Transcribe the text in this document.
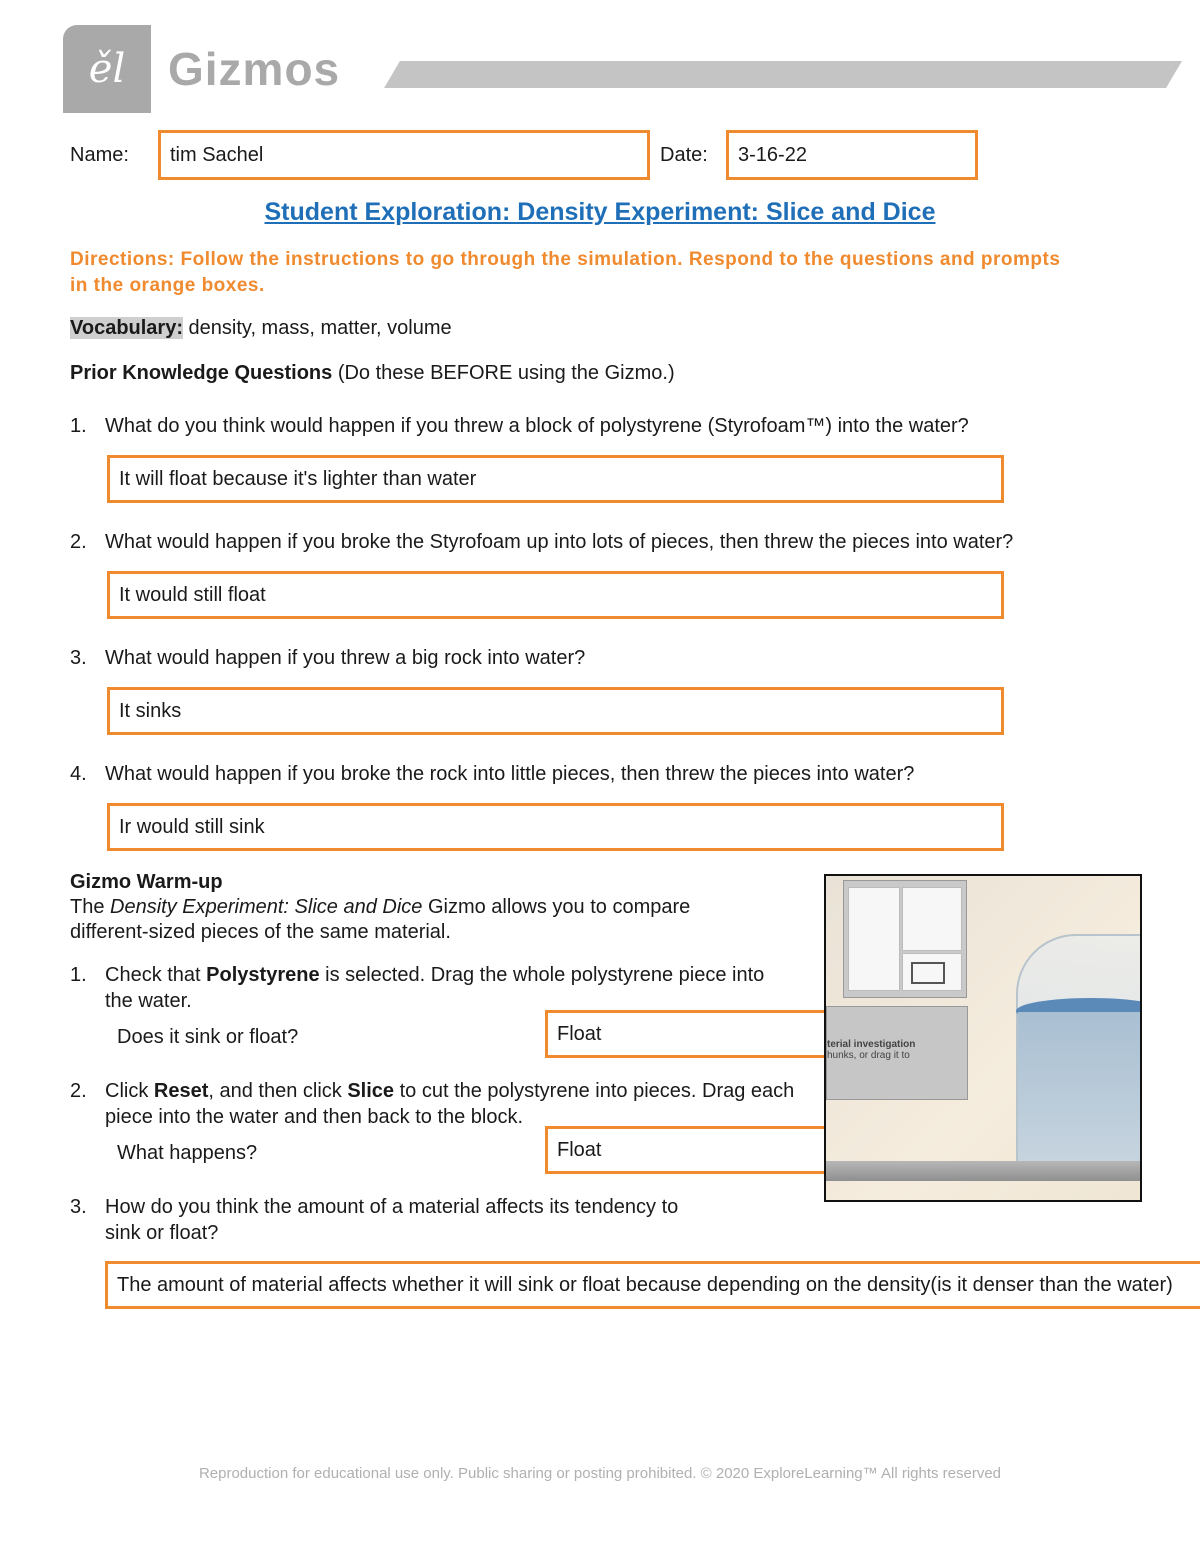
ěl Gizmos
Name: tim Sachel	Date: 3-16-22
Student Exploration: Density Experiment: Slice and Dice
Directions: Follow the instructions to go through the simulation. Respond to the questions and prompts in the orange boxes.
Vocabulary: density, mass, matter, volume
Prior Knowledge Questions (Do these BEFORE using the Gizmo.)
1. What do you think would happen if you threw a block of polystyrene (Styrofoam™) into the water?
It will float because it's lighter than water
2. What would happen if you broke the Styrofoam up into lots of pieces, then threw the pieces into water?
It would still float
3. What would happen if you threw a big rock into water?
It sinks
4. What would happen if you broke the rock into little pieces, then threw the pieces into water?
Ir would still sink
Gizmo Warm-up
The Density Experiment: Slice and Dice Gizmo allows you to compare different-sized pieces of the same material.
1. Check that Polystyrene is selected. Drag the whole polystyrene piece into the water.
Does it sink or float?	Float
2. Click Reset, and then click Slice to cut the polystyrene into pieces. Drag each piece into the water and then back to the block.
What happens?	Float
terial investigation
hunks, or drag it to
3. How do you think the amount of a material affects its tendency to sink or float?
The amount of material affects whether it will sink or float because depending on the density(is it denser than the water)
Reproduction for educational use only. Public sharing or posting prohibited. © 2020 ExploreLearning™ All rights reserved
